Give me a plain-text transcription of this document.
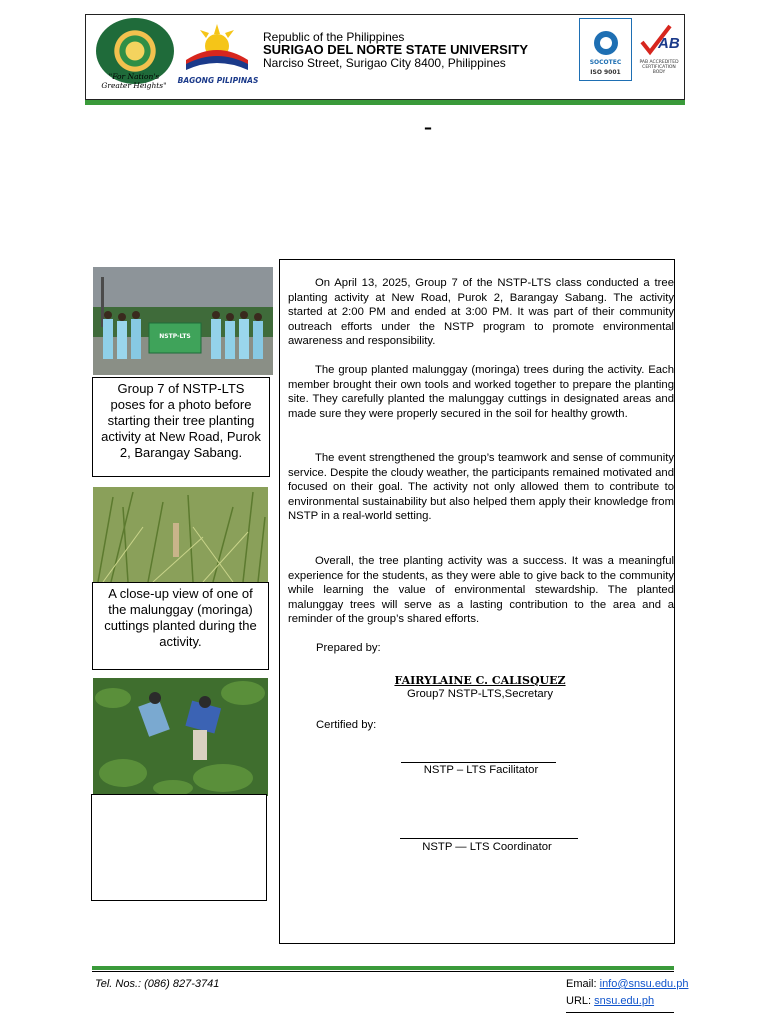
"For Nation's Greater Heights"
BAGONG PILIPINAS
Republic of the Philippines
SURIGAO DEL NORTE STATE UNIVERSITY
Narciso Street, Surigao City 8400, Philippines	SOCOTEC
ISO 9001
AB
PAB ACCREDITED CERTIFICATION BODY
–
NSTP-LTS
Group 7 of NSTP-LTS poses for a photo before starting their tree planting activity at New Road, Purok 2, Barangay Sabang.
A close-up view of one of the malunggay (moringa) cuttings planted during the activity.

On April 13, 2025, Group 7 of the NSTP-LTS class conducted a tree planting activity at New Road, Purok 2, Barangay Sabang. The activity started at 2:00 PM and ended at 3:00 PM. It was part of their community outreach efforts under the NSTP program to promote environmental awareness and responsibility.

The group planted malunggay (moringa) trees during the activity. Each member brought their own tools and worked together to prepare the planting site. They carefully planted the malunggay cuttings in designated areas and made sure they were properly secured in the soil for healthy growth.

The event strengthened the group’s teamwork and sense of community service. Despite the cloudy weather, the participants remained motivated and focused on their goal. The activity not only allowed them to contribute to environmental sustainability but also helped them apply their knowledge from NSTP in a real-world setting.

Overall, the tree planting activity was a success. It was a meaningful experience for the students, as they were able to give back to the community while learning the value of environmental stewardship. The planted malunggay trees will serve as a lasting contribution to the area and a reminder of the group’s shared efforts.

Prepared by:
FAIRYLAINE C. CALISQUEZ
Group7 NSTP-LTS,Secretary
Certified by:
NSTP – LTS Facilitator
NSTP — LTS Coordinator
Tel. Nos.: (086) 827-3741	Email: info@snsu.edu.ph
URL: snsu.edu.ph
